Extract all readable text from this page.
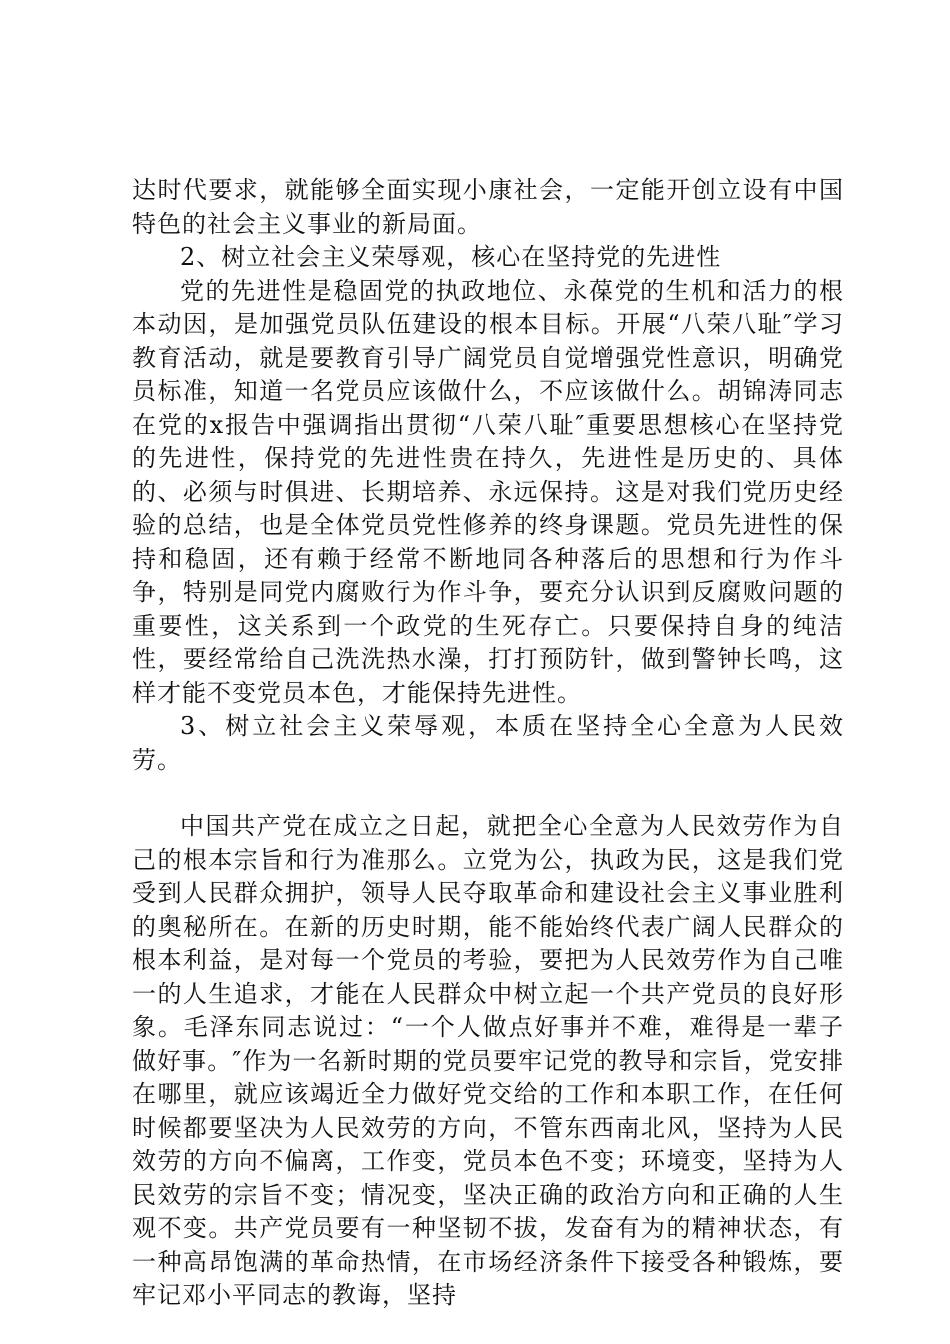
达时代要求，就能够全面实现小康社会，一定能开创立设有中国特色的社会主义事业的新局面。

2、树立社会主义荣辱观，核心在坚持党的先进性

党的先进性是稳固党的执政地位、永葆党的生机和活力的根本动因，是加强党员队伍建设的根本目标。开展“八荣八耻″学习教育活动，就是要教育引导广阔党员自觉增强党性意识，明确党员标准，知道一名党员应该做什么，不应该做什么。胡锦涛同志在党的x报告中强调指出贯彻“八荣八耻″重要思想核心在坚持党的先进性，保持党的先进性贵在持久，先进性是历史的、具体的、必须与时俱进、长期培养、永远保持。这是对我们党历史经验的总结，也是全体党员党性修养的终身课题。党员先进性的保持和稳固，还有赖于经常不断地同各种落后的思想和行为作斗争，特别是同党内腐败行为作斗争，要充分认识到反腐败问题的重要性，这关系到一个政党的生死存亡。只要保持自身的纯洁性，要经常给自己洗洗热水澡，打打预防针，做到警钟长鸣，这样才能不变党员本色，才能保持先进性。

3、树立社会主义荣辱观，本质在坚持全心全意为人民效劳。

中国共产党在成立之日起，就把全心全意为人民效劳作为自己的根本宗旨和行为准那么。立党为公，执政为民，这是我们党受到人民群众拥护，领导人民夺取革命和建设社会主义事业胜利的奥秘所在。在新的历史时期，能不能始终代表广阔人民群众的根本利益，是对每一个党员的考验，要把为人民效劳作为自己唯一的人生追求，才能在人民群众中树立起一个共产党员的良好形象。毛泽东同志说过：“一个人做点好事并不难，难得是一辈子做好事。″作为一名新时期的党员要牢记党的教导和宗旨，党安排在哪里，就应该竭近全力做好党交给的工作和本职工作，在任何时候都要坚决为人民效劳的方向，不管东西南北风，坚持为人民效劳的方向不偏离，工作变，党员本色不变；环境变，坚持为人民效劳的宗旨不变；情况变，坚决正确的政治方向和正确的人生观不变。共产党员要有一种坚韧不拔，发奋有为的精神状态，有一种高昂饱满的革命热情，在市场经济条件下接受各种锻炼，要牢记邓小平同志的教诲，坚持
